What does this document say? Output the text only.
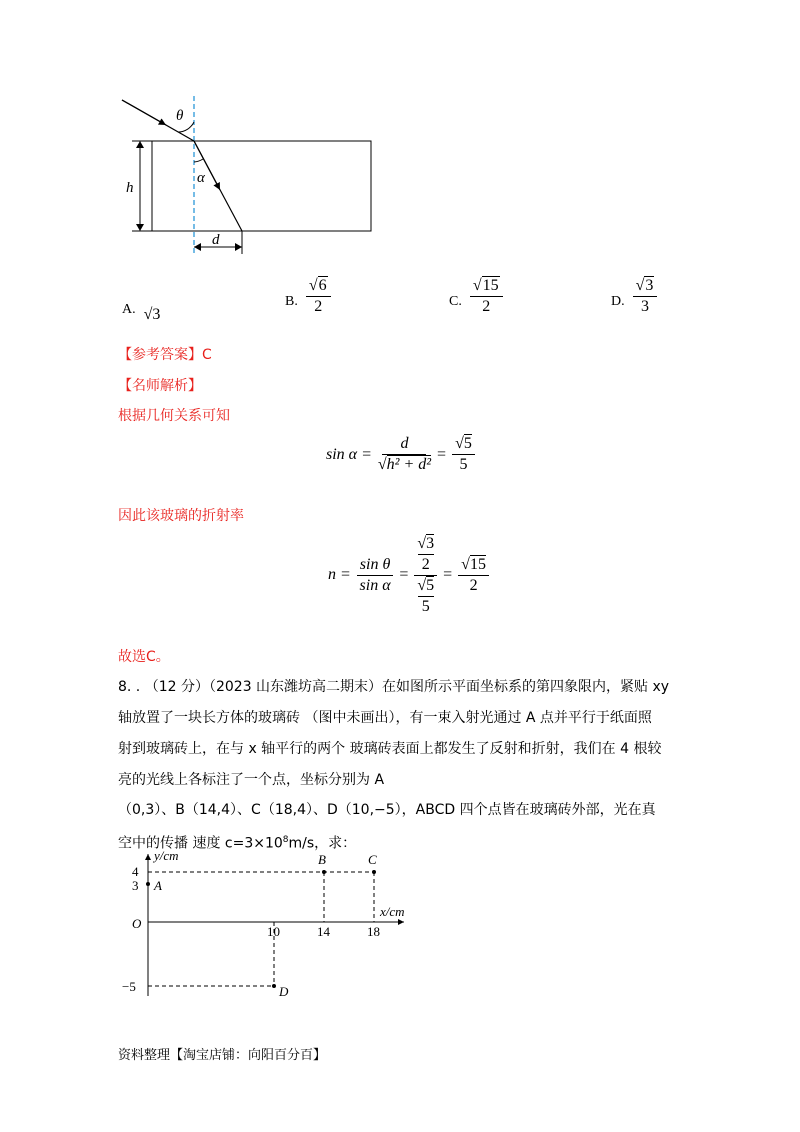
θ
α
h
d
A. √3
B. $\frac{√6}{2}$	C. $\frac{√15}{2}$	D. $\frac{√3}{3}$
【参考答案】C
【名师解析】
根据几何关系可知
$\sin \alpha = \frac{d}{\text{√h² + d²}} = \frac{√5}{5}$
因此该玻璃的折射率
$n = \frac{\text{sin θ}}{\text{sin α}} = √3$
2
√5
$5 = \frac{√15}{2}$
故选C。
8. . （12 分）（2023 山东潍坊高二期末）在如图所示平面坐标系的第四象限内，紧贴 xy
轴放置了一块长方体的玻璃砖 （图中未画出），有一束入射光通过 A 点并平行于纸面照
射到玻璃砖上，在与 x 轴平行的两个 玻璃砖表面上都发生了反射和折射，我们在 4 根较
亮的光线上各标注了一个点，坐标分别为 A
（0,3）、B（14,4）、C（18,4）、D（10,−5），ABCD 四个点皆在玻璃砖外部，光在真
空中的传播 速度 $c=3\times 10^8m/s$，求：
y/cm
x/cm
O
4
3
−5
10	14	18
A
B	C
D
资料整理【淘宝店铺：向阳百分百】
